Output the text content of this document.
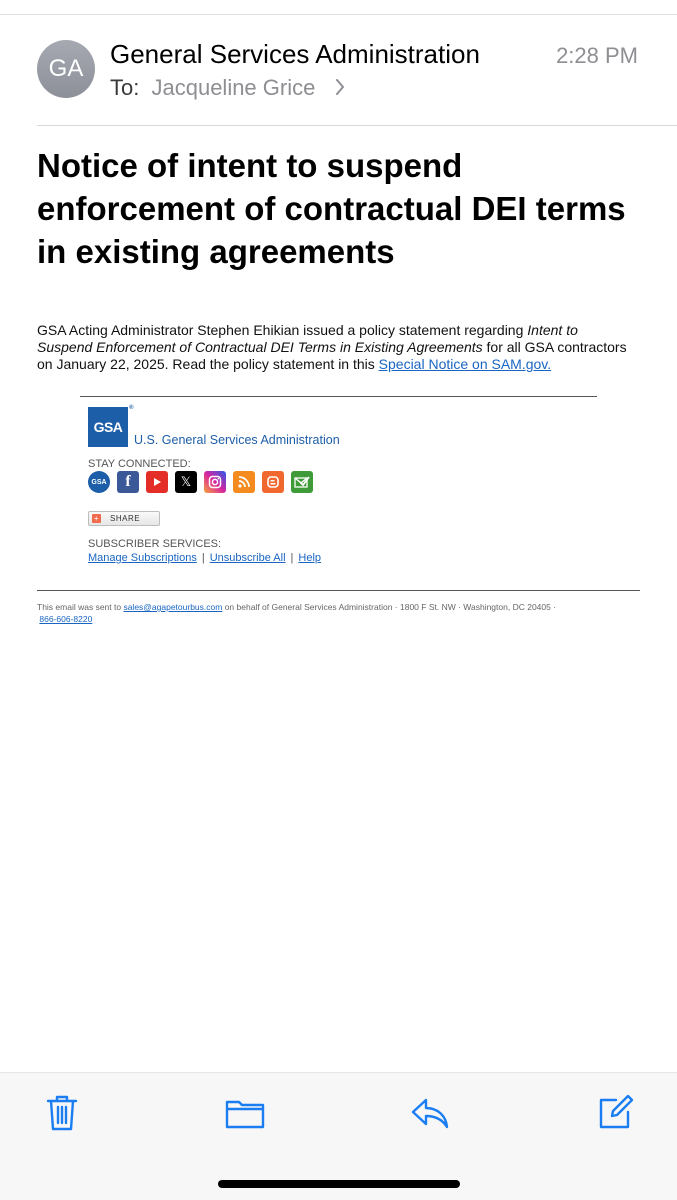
GA	General Services Administration	2:28 PM
To: Jacqueline Grice
Notice of intent to suspend enforcement of contractual DEI terms in existing agreements
GSA Acting Administrator Stephen Ehikian issued a policy statement regarding Intent to Suspend Enforcement of Contractual DEI Terms in Existing Agreements for all GSA contractors on January 22, 2025. Read the policy statement in this Special Notice on SAM.gov.
GSA
®
U.S. General Services Administration
STAY CONNECTED:
GSA	f	𝕏
+ SHARE
SUBSCRIBER SERVICES:
Manage Subscriptions | Unsubscribe All | Help
This email was sent to sales@agapetourbus.com on behalf of General Services Administration · 1800 F St. NW · Washington, DC 20405 ·
866-606-8220
